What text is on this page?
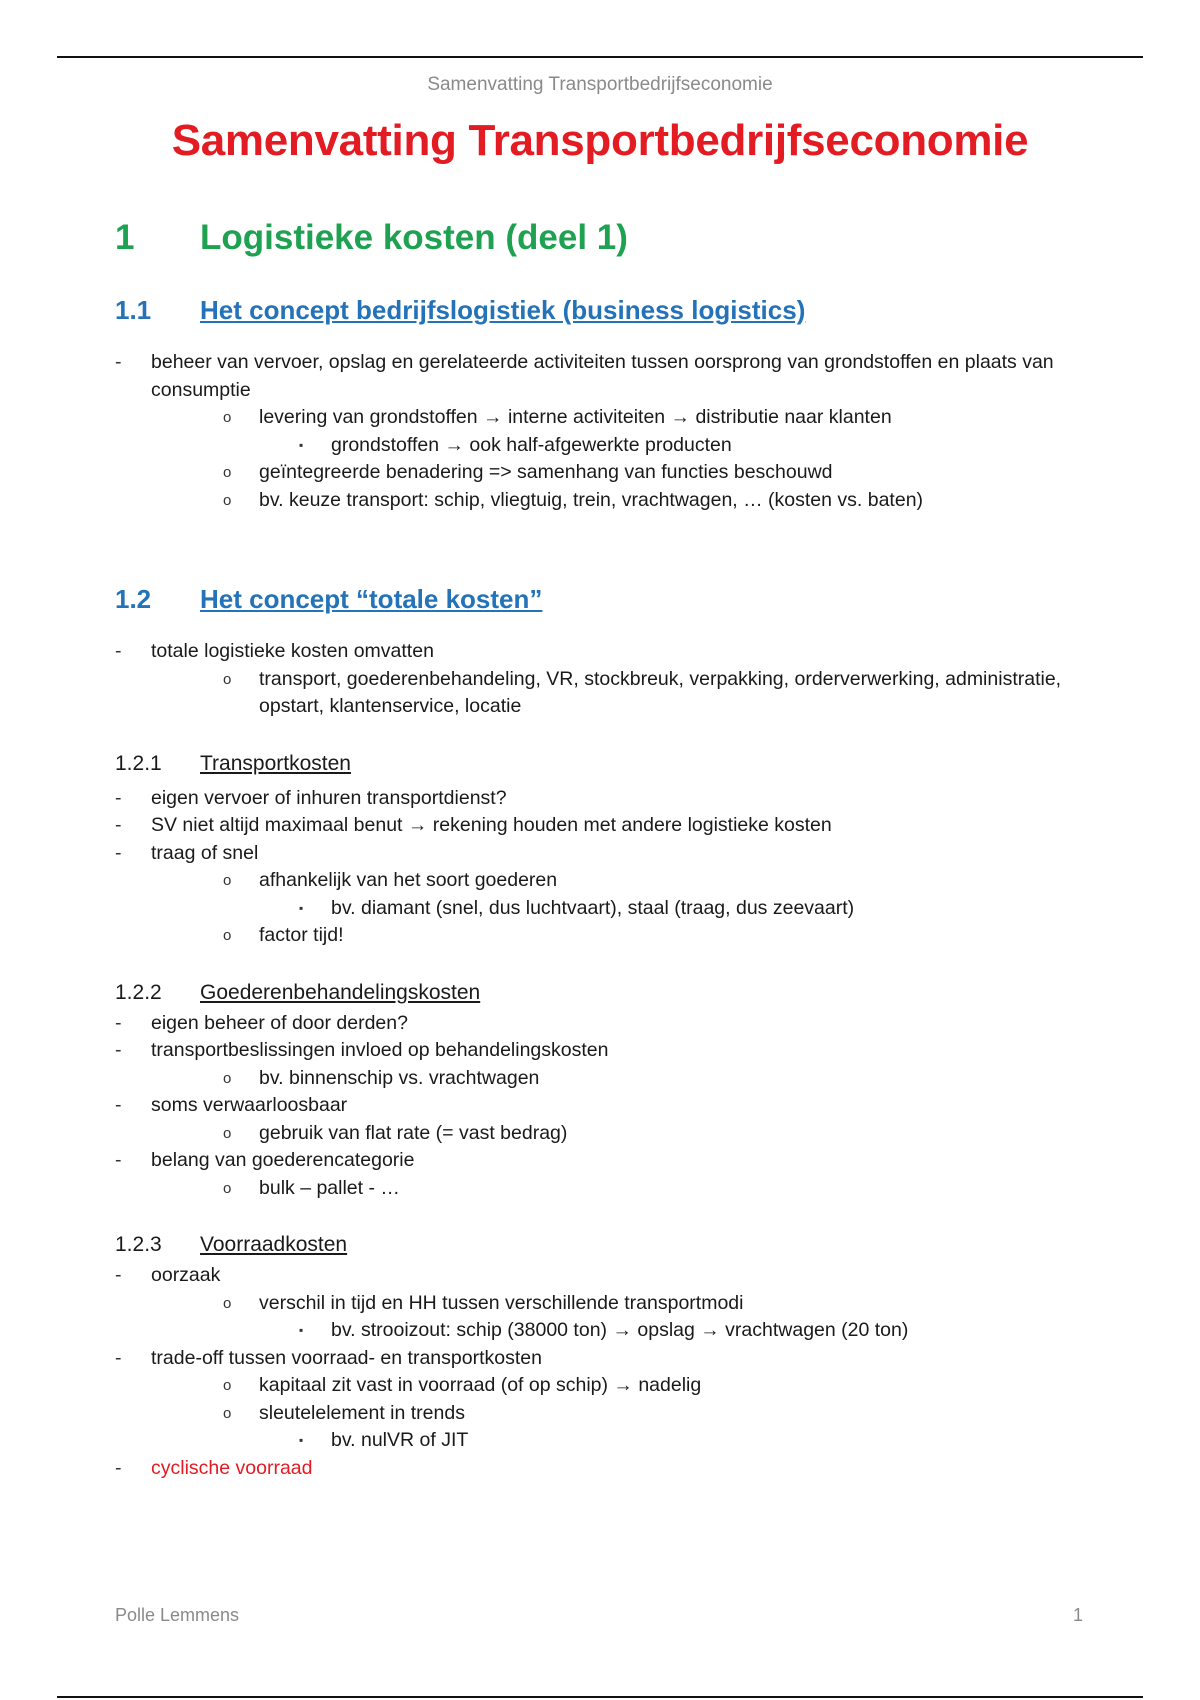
Samenvatting Transportbedrijfseconomie
Samenvatting Transportbedrijfseconomie
1 Logistieke kosten (deel 1)
1.1 Het concept bedrijfslogistiek (business logistics)
- beheer van vervoer, opslag en gerelateerde activiteiten tussen oorsprong van grondstoffen en plaats van consumptie
o levering van grondstoffen → interne activiteiten → distributie naar klanten
▪ grondstoffen → ook half-afgewerkte producten
o geïntegreerde benadering => samenhang van functies beschouwd
o bv. keuze transport: schip, vliegtuig, trein, vrachtwagen, … (kosten vs. baten)
1.2 Het concept “totale kosten”
- totale logistieke kosten omvatten
o transport, goederenbehandeling, VR, stockbreuk, verpakking, orderverwerking, administratie, opstart, klantenservice, locatie
1.2.1 Transportkosten
- eigen vervoer of inhuren transportdienst?
- SV niet altijd maximaal benut → rekening houden met andere logistieke kosten
- traag of snel
o afhankelijk van het soort goederen
▪ bv. diamant (snel, dus luchtvaart), staal (traag, dus zeevaart)
o factor tijd!
1.2.2 Goederenbehandelingskosten
- eigen beheer of door derden?
- transportbeslissingen invloed op behandelingskosten
o bv. binnenschip vs. vrachtwagen
- soms verwaarloosbaar
o gebruik van flat rate (= vast bedrag)
- belang van goederencategorie
o bulk – pallet - …
1.2.3 Voorraadkosten
- oorzaak
o verschil in tijd en HH tussen verschillende transportmodi
▪ bv. strooizout: schip (38000 ton) → opslag → vrachtwagen (20 ton)
- trade-off tussen voorraad- en transportkosten
o kapitaal zit vast in voorraad (of op schip) → nadelig
o sleutelelement in trends
▪ bv. nulVR of JIT
- cyclische voorraad
Polle Lemmens	1
